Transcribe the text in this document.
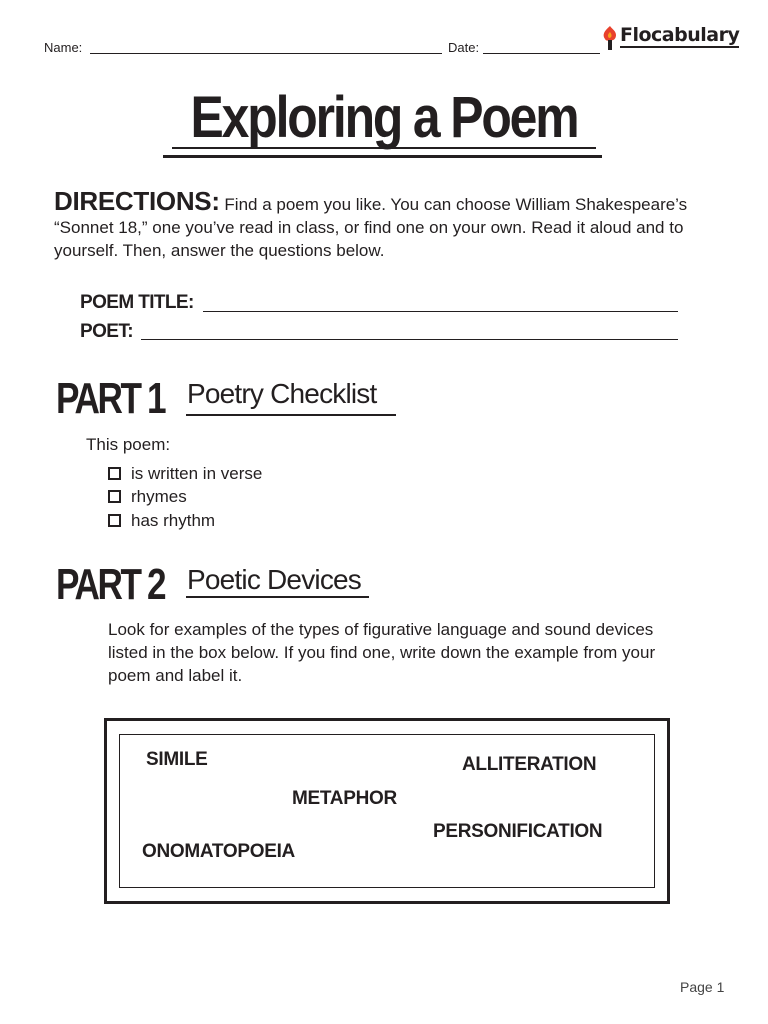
Name:	Date:
Flocabulary
Exploring a Poem
DIRECTIONS: Find a poem you like. You can choose William Shakespeare’s “Sonnet 18,” one you’ve read in class, or find one on your own. Read it aloud and to yourself. Then, answer the questions below.
POEM TITLE:
POET:
PART 1 Poetry Checklist
This poem:
is written in verse
rhymes
has rhythm
PART 2 Poetic Devices
Look for examples of the types of figurative language and sound devices listed in the box below. If you find one, write down the example from your poem and label it.
SIMILE	ALLITERATION
METAPHOR
PERSONIFICATION
ONOMATOPOEIA
Page 1
